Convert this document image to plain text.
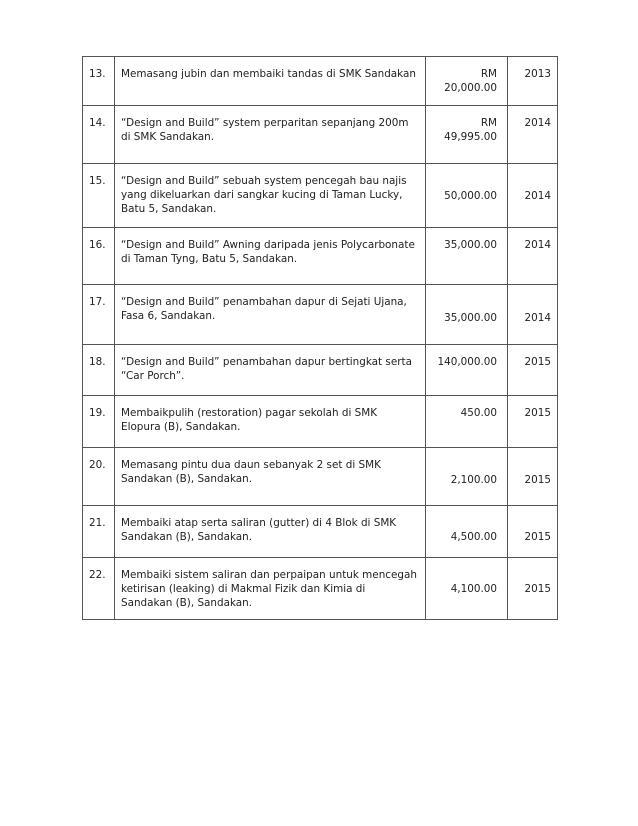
13.	Memasang jubin dan membaiki tandas di SMK Sandakan	RM 20,000.00	2013
14.	“Design and Build” system perparitan sepanjang 200m di SMK Sandakan.	RM 49,995.00	2014
15.	“Design and Build” sebuah system pencegah bau najis yang dikeluarkan dari sangkar kucing di Taman Lucky, Batu 5, Sandakan.	50,000.00	2014
16.	“Design and Build” Awning daripada jenis Polycarbonate di Taman Tyng, Batu 5, Sandakan.	35,000.00	2014
17.	“Design and Build” penambahan dapur di Sejati Ujana, Fasa 6, Sandakan.	35,000.00	2014
18.	“Design and Build” penambahan dapur bertingkat serta “Car Porch”.	140,000.00	2015
19.	Membaikpulih (restoration) pagar sekolah di SMK Elopura (B), Sandakan.	450.00	2015
20.	Memasang pintu dua daun sebanyak 2 set di SMK Sandakan (B), Sandakan.	2,100.00	2015
21.	Membaiki atap serta saliran (gutter) di 4 Blok di SMK Sandakan (B), Sandakan.	4,500.00	2015
22.	Membaiki sistem saliran dan perpaipan untuk mencegah ketirisan (leaking) di Makmal Fizik dan Kimia di Sandakan (B), Sandakan.	4,100.00	2015
